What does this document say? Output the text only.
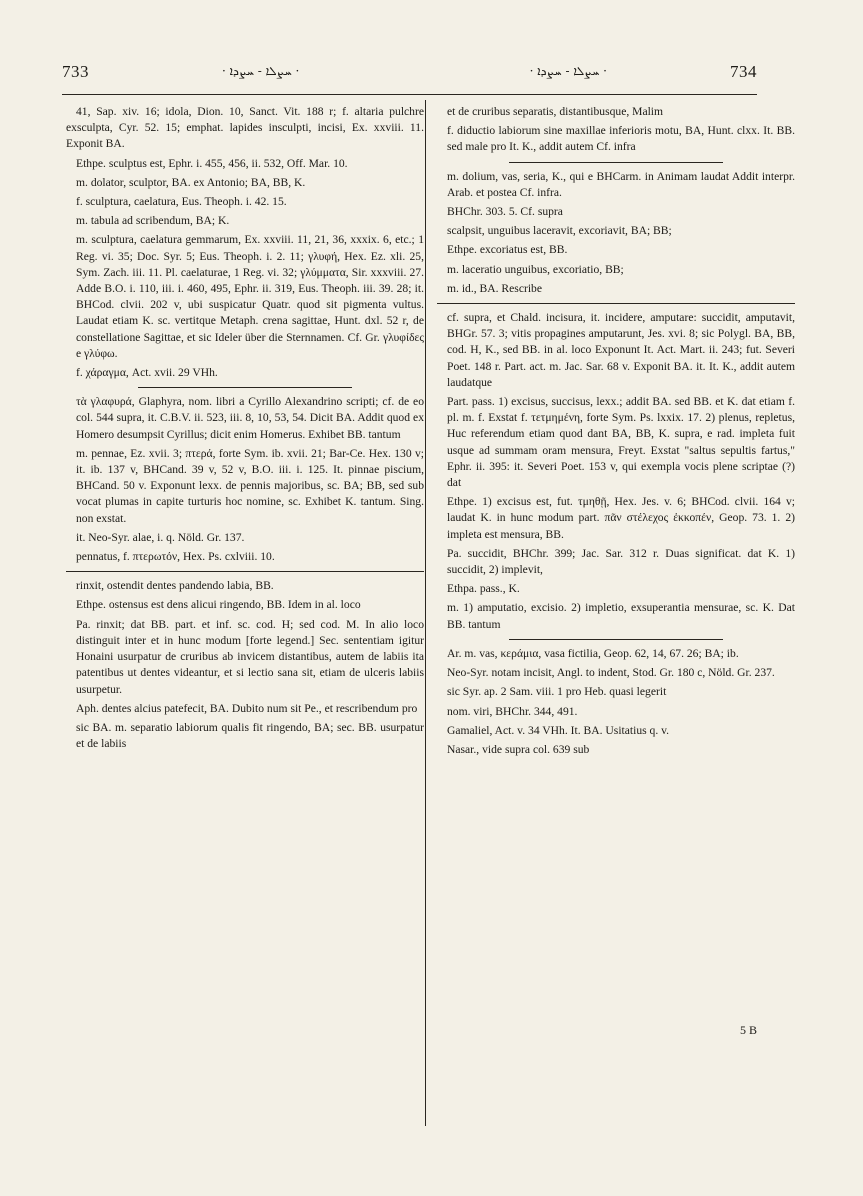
733	· ܚܨܠܐ - ܚܨܕܐ ·	· ܚܨܠܐ - ܚܨܕܐ ·	734

41, Sap. xiv. 16; idola, Dion. 10, Sanct. Vit. 188 r; f. altaria pulchre exsculpta, Cyr. 52. 15; emphat. lapides insculpti, incisi, Ex. xxviii. 11. Exponit BA.

Ethpe. sculptus est, Ephr. i. 455, 456, ii. 532, Off. Mar. 10.

m. dolator, sculptor, BA. ex Antonio; BA, BB, K.

f. sculptura, caelatura, Eus. Theoph. i. 42. 15.

m. tabula ad scribendum, BA; K.

m. sculptura, caelatura gemmarum, Ex. xxviii. 11, 21, 36, xxxix. 6, etc.; 1 Reg. vi. 35; Doc. Syr. 5; Eus. Theoph. i. 2. 11; γλυφή, Hex. Ez. xli. 25, Sym. Zach. iii. 11. Pl. caelaturae, 1 Reg. vi. 32; γλύμματα, Sir. xxxviii. 27. Adde B.O. i. 110, iii. i. 460, 495, Ephr. ii. 319, Eus. Theoph. iii. 39. 28; it. BHCod. clvii. 202 v, ubi suspicatur Quatr. quod sit pigmenta vultus. Laudat etiam K. sc. vertitque Metaph. crena sagittae, Hunt. dxl. 52 r, de constellatione Sagittae, et sic Ideler über die Sternnamen. Cf. Gr. γλυφίδες e γλύφω.

f. χάραγμα, Act. xvii. 29 VHh.

τὰ γλαφυρά, Glaphyra, nom. libri a Cyrillo Alexandrino scripti; cf. de eo col. 544 supra, it. C.B.V. ii. 523, iii. 8, 10, 53, 54. Dicit BA. Addit quod ex Homero desumpsit Cyrillus; dicit enim Homerus. Exhibet BB. tantum

m. pennae, Ez. xvii. 3; πτερά, forte Sym. ib. xvii. 21; Bar-Ce. Hex. 130 v; it. ib. 137 v, BHCand. 39 v, 52 v, B.O. iii. i. 125. It. pinnae piscium, BHCand. 50 v. Exponunt lexx. de pennis majoribus, sc. BA; BB, sed sub vocat plumas in capite turturis hoc nomine, sc. Exhibet K. tantum. Sing. non exstat.

it. Neo-Syr. alae, i. q. Nöld. Gr. 137.

pennatus, f. πτερωτόν, Hex. Ps. cxlviii. 10.

rinxit, ostendit dentes pandendo labia, BB.

Ethpe. ostensus est dens alicui ringendo, BB. Idem in al. loco

Pa. rinxit; dat BB. part. et inf. sc. cod. H; sed cod. M. In alio loco distinguit inter et in hunc modum [forte legend.] Sec. sententiam igitur Honaini usurpatur de cruribus ab invicem distantibus, autem de labiis ita patentibus ut dentes videantur, et si lectio sana sit, etiam de ulceris labiis usurpetur.

Aph. dentes alcius patefecit, BA. Dubito num sit Pe., et rescribendum pro

sic BA. m. separatio labiorum qualis fit ringendo, BA; sec. BB. usurpatur et de labiis

et de cruribus separatis, distantibusque, Malim

f. diductio labiorum sine maxillae inferioris motu, BA, Hunt. clxx. It. BB. sed male pro It. K., addit autem Cf. infra

m. dolium, vas, seria, K., qui e BHCarm. in Animam laudat Addit interpr. Arab. et postea Cf. infra.

BHChr. 303. 5. Cf. supra

scalpsit, unguibus laceravit, excoriavit, BA; BB;

Ethpe. excoriatus est, BB.

m. laceratio unguibus, excoriatio, BB;

m. id., BA. Rescribe

cf. supra, et Chald. incisura, it. incidere, amputare: succidit, amputavit, BHGr. 57. 3; vitis propagines amputarunt, Jes. xvi. 8; sic Polygl. BA, BB, cod. H, K., sed BB. in al. loco Exponunt It. Act. Mart. ii. 243; fut. Severi Poet. 148 r. Part. act. m. Jac. Sar. 68 v. Exponit BA. it. It. K., addit autem laudatque

Part. pass. 1) excisus, succisus, lexx.; addit BA. sed BB. et K. dat etiam f. pl. m. f. Exstat f. τετμημένη, forte Sym. Ps. lxxix. 17. 2) plenus, repletus, Huc referendum etiam quod dant BA, BB, K. supra, e rad. impleta fuit usque ad summam oram mensura, Freyt. Exstat "saltus sepultis fartus," Ephr. ii. 395: it. Severi Poet. 153 v, qui exempla vocis plene scriptae (?) dat

Ethpe. 1) excisus est, fut. τμηθῇ, Hex. Jes. v. 6; BHCod. clvii. 164 v; laudat K. in hunc modum part. πᾶν στέλεχος ἐκκοπέν, Geop. 73. 1. 2) impleta est mensura, BB.

Pa. succidit, BHChr. 399; Jac. Sar. 312 r. Duas significat. dat K. 1) succidit, 2) implevit,

Ethpa. pass., K.

m. 1) amputatio, excisio. 2) impletio, exsuperantia mensurae, sc. K. Dat BB. tantum

Ar. m. vas, κεράμια, vasa fictilia, Geop. 62, 14, 67. 26; BA; ib.

Neo-Syr. notam incisit, Angl. to indent, Stod. Gr. 180 c, Nöld. Gr. 237.

sic Syr. ap. 2 Sam. viii. 1 pro Heb. quasi legerit

nom. viri, BHChr. 344, 491.

Gamaliel, Act. v. 34 VHh. It. BA. Usitatius q. v.

Nasar., vide supra col. 639 sub

5 B
